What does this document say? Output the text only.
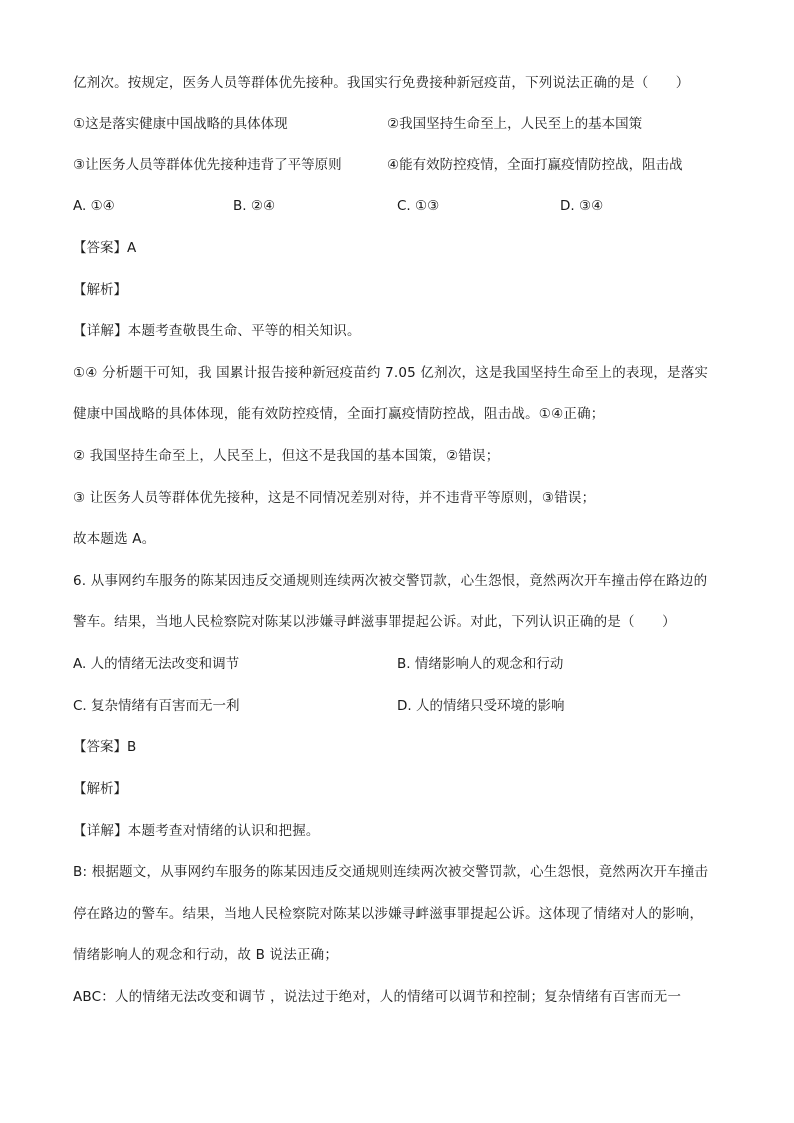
亿剂次。按规定，医务人员等群体优先接种。我国实行免费接种新冠疫苗，下列说法正确的是（　　）
①这是落实健康中国战略的具体体现	②我国坚持生命至上，人民至上的基本国策
③让医务人员等群体优先接种违背了平等原则	④能有效防控疫情，全面打赢疫情防控战，阻击战
A. ①④	B. ②④	C. ①③	D. ③④
【答案】A
【解析】
【详解】本题考查敬畏生命、平等的相关知识。
①④ 分析题干可知，我 国累计报告接种新冠疫苗约 7.05 亿剂次，这是我国坚持生命至上的表现，是落实
健康中国战略的具体体现，能有效防控疫情，全面打赢疫情防控战，阻击战。①④正确；
② 我国坚持生命至上，人民至上，但这不是我国的基本国策，②错误；
③ 让医务人员等群体优先接种，这是不同情况差别对待，并不违背平等原则，③错误；
故本题选 A。
6. 从事网约车服务的陈某因违反交通规则连续两次被交警罚款，心生怨恨，竟然两次开车撞击停在路边的
警车。结果，当地人民检察院对陈某以涉嫌寻衅滋事罪提起公诉。对此，下列认识正确的是（　　）
A. 人的情绪无法改变和调节	B. 情绪影响人的观念和行动
C. 复杂情绪有百害而无一利	D. 人的情绪只受环境的影响
【答案】B
【解析】
【详解】本题考查对情绪的认识和把握。
B: 根据题文，从事网约车服务的陈某因违反交通规则连续两次被交警罚款，心生怨恨，竟然两次开车撞击
停在路边的警车。结果，当地人民检察院对陈某以涉嫌寻衅滋事罪提起公诉。这体现了情绪对人的影响，
情绪影响人的观念和行动，故 B 说法正确；
ABC：人的情绪无法改变和调节 ，说法过于绝对，人的情绪可以调节和控制；复杂情绪有百害而无一
